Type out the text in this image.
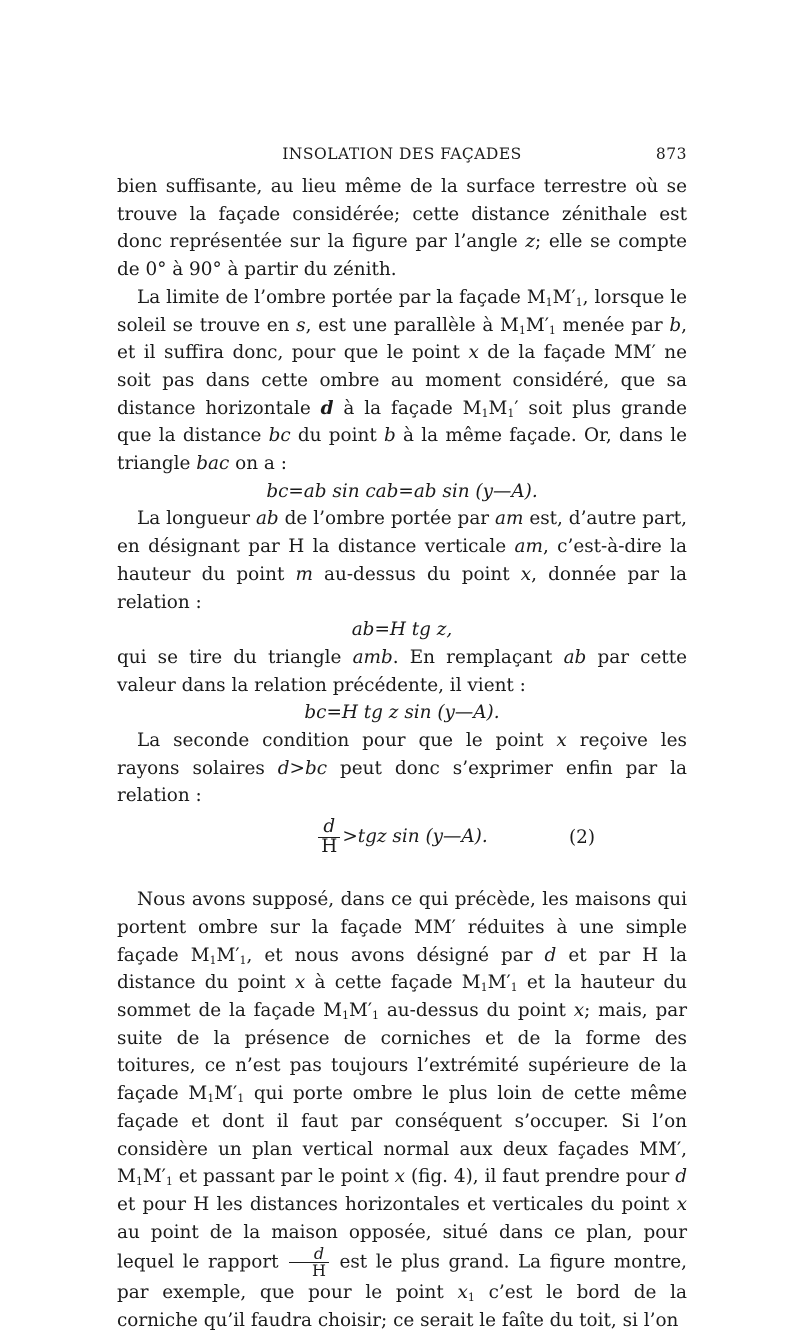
INSOLATION DES FAÇADES	873

bien suffisante, au lieu même de la surface terrestre où se trouve la façade considérée; cette distance zénithale est donc représentée sur la figure par l’angle z; elle se compte de 0° à 90° à partir du zénith.

La limite de l’ombre portée par la façade $M_1M'_1$, lorsque le soleil se trouve en s, est une parallèle à $M_1M'_1$ menée par b, et il suffira donc, pour que le point x de la façade MM′ ne soit pas dans cette ombre au moment considéré, que sa distance horizontale d à la façade $M_1M_1'$ soit plus grande que la distance bc du point b à la même façade. Or, dans le triangle bac on a :

bc=ab sin cab=ab sin (y—A).

La longueur ab de l’ombre portée par am est, d’autre part, en désignant par H la distance verticale am, c’est-à-dire la hauteur du point m au-dessus du point x, donnée par la relation :

ab=H tg z,

qui se tire du triangle amb. En remplaçant ab par cette valeur dans la relation précédente, il vient :

bc=H tg z sin (y—A).

La seconde condition pour que le point x reçoive les rayons solaires d>bc peut donc s’exprimer enfin par la relation :

$\frac{d}{H} >tgz$ sin (y—A).	(2)

Nous avons supposé, dans ce qui précède, les maisons qui portent ombre sur la façade MM′ réduites à une simple façade $M_1M'_1$, et nous avons désigné par d et par H la distance du point x à cette façade $M_1M'_1$ et la hauteur du sommet de la façade $M_1M'_1$ au-dessus du point x; mais, par suite de la présence de corniches et de la forme des toitures, ce n’est pas toujours l’extrémité supérieure de la façade $M_1M'_1$ qui porte ombre le plus loin de cette même façade et dont il faut par conséquent s’occuper. Si l’on considère un plan vertical normal aux deux façades MM′, $M_1M'_1$ et passant par le point x (fig. 4), il faut prendre pour d et pour H les distances horizontales et verticales du point x au point de la maison opposée, situé dans ce plan, pour lequel le rapport $\frac{d}{H}$ est le plus grand. La figure montre, par exemple, que pour le point $x_1$ c’est le bord de la corniche qu’il faudra choisir; ce serait le faîte du toit, si l’on
